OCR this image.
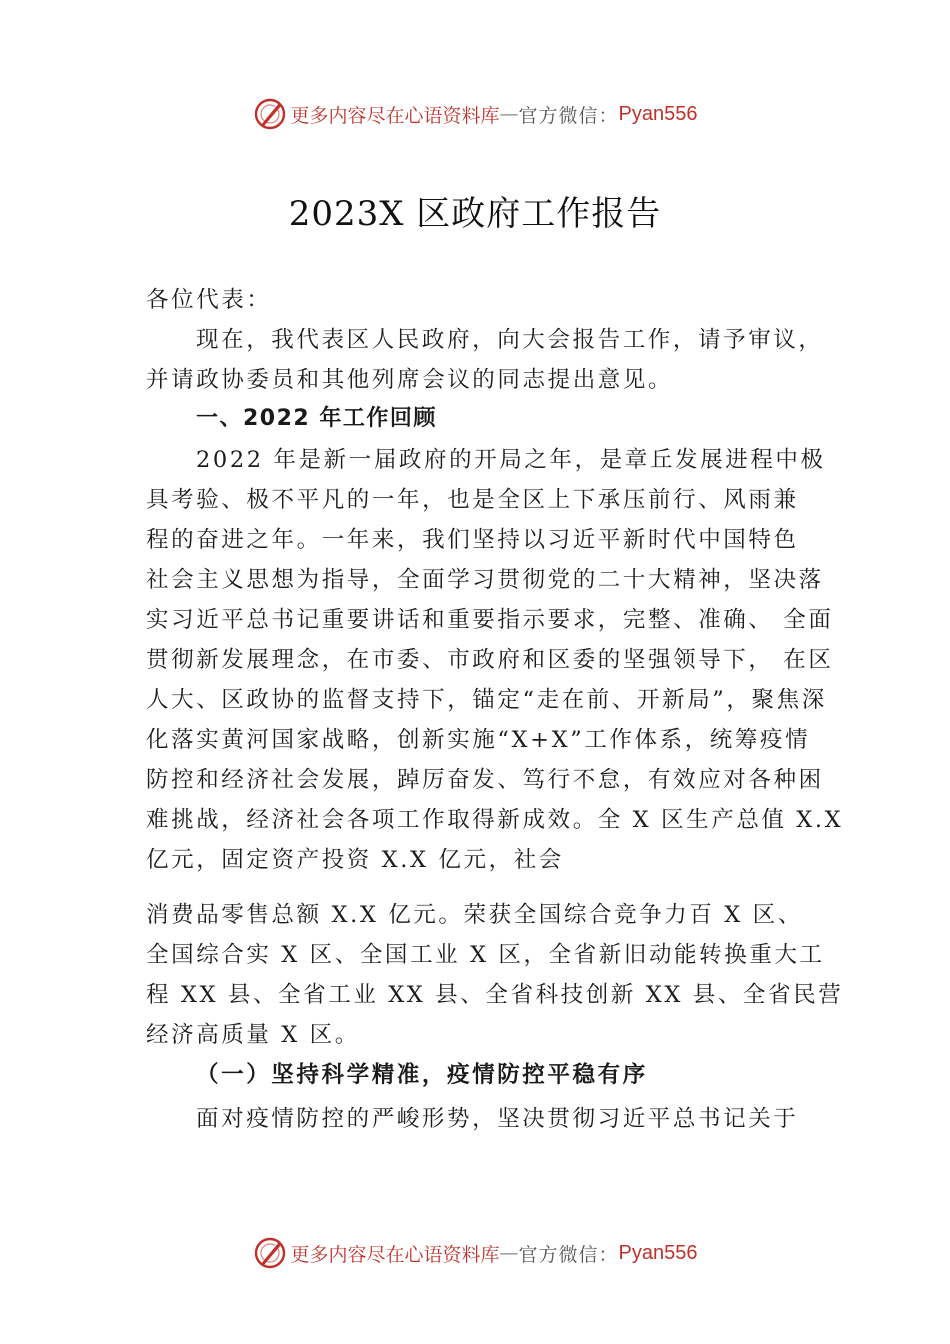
更多内容尽在心语资料库 — 官方微信： Pyan556
2023X 区政府工作报告
各位代表：
现在，我代表区人民政府，向大会报告工作，请予审议，
并请政协委员和其他列席会议的同志提出意见。
一、2022 年工作回顾
2022 年是新一届政府的开局之年，是章丘发展进程中极
具考验、极不平凡的一年，也是全区上下承压前行、风雨兼
程的奋进之年。一年来，我们坚持以习近平新时代中国特色
社会主义思想为指导，全面学习贯彻党的二十大精神，坚决落
实习近平总书记重要讲话和重要指示要求，完整、准确、 全面
贯彻新发展理念，在市委、市政府和区委的坚强领导下， 在区
人大、区政协的监督支持下，锚定“走在前、开新局”，聚焦深
化落实黄河国家战略，创新实施“X+X”工作体系，统筹疫情
防控和经济社会发展，踔厉奋发、笃行不怠，有效应对各种困
难挑战，经济社会各项工作取得新成效。全 X 区生产总值 X.X
亿元，固定资产投资 X.X 亿元，社会
消费品零售总额 X.X 亿元。荣获全国综合竞争力百 X 区、
全国综合实 X 区、全国工业 X 区，全省新旧动能转换重大工
程 XX 县、全省工业 XX 县、全省科技创新 XX 县、全省民营
经济高质量 X 区。
（一）坚持科学精准，疫情防控平稳有序
面对疫情防控的严峻形势，坚决贯彻习近平总书记关于
更多内容尽在心语资料库 — 官方微信： Pyan556
